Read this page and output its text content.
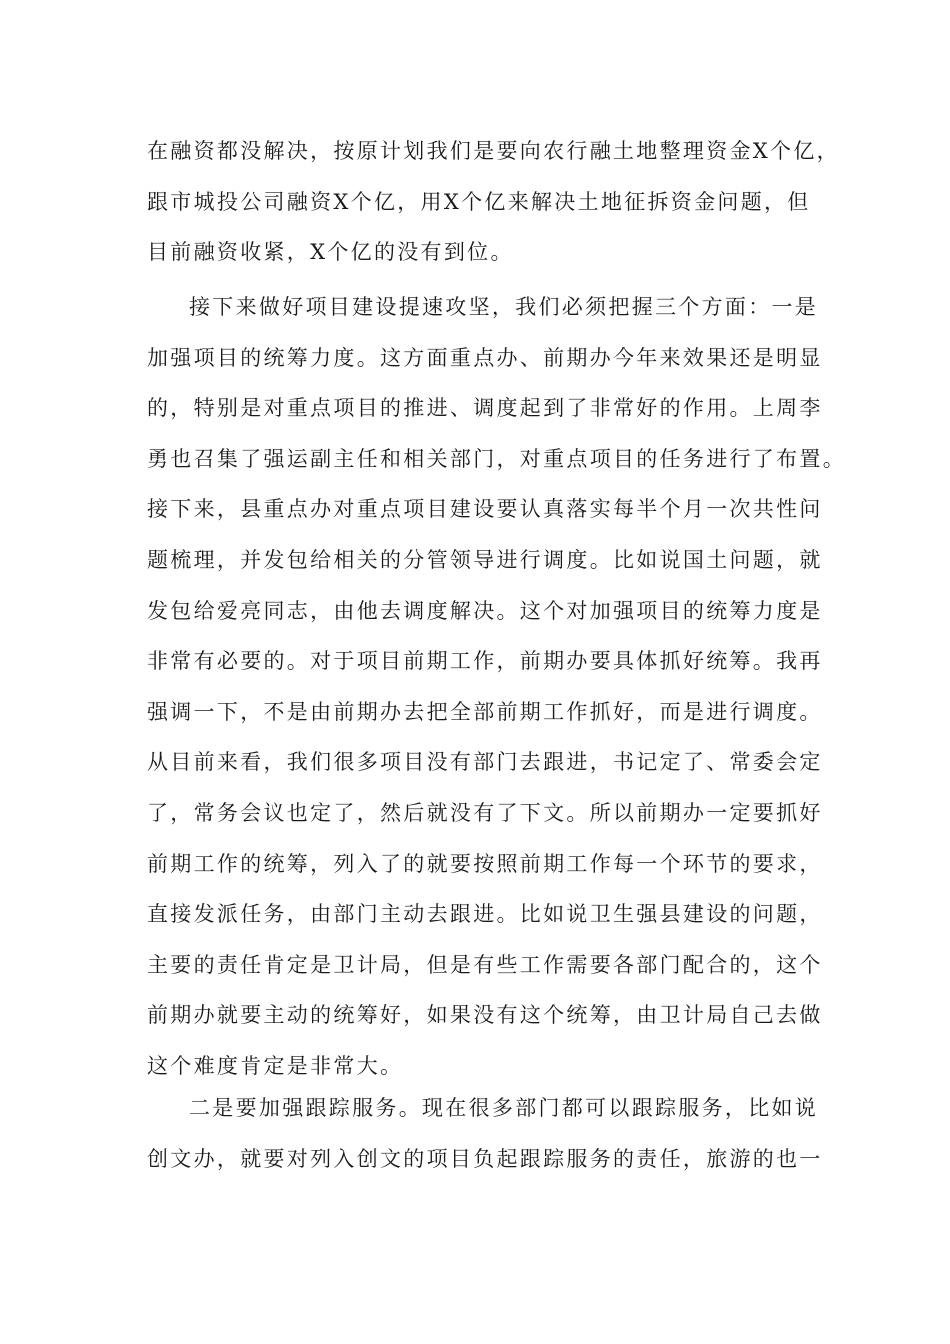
在融资都没解决，按原计划我们是要向农行融土地整理资金X个亿，
跟市城投公司融资X个亿，用X个亿来解决土地征拆资金问题，但
目前融资收紧，X个亿的没有到位。
接下来做好项目建设提速攻坚，我们必须把握三个方面：一是
加强项目的统筹力度。这方面重点办、前期办今年来效果还是明显
的，特别是对重点项目的推进、调度起到了非常好的作用。上周李
勇也召集了强运副主任和相关部门，对重点项目的任务进行了布置。
接下来，县重点办对重点项目建设要认真落实每半个月一次共性问
题梳理，并发包给相关的分管领导进行调度。比如说国土问题，就
发包给爱亮同志，由他去调度解决。这个对加强项目的统筹力度是
非常有必要的。对于项目前期工作，前期办要具体抓好统筹。我再
强调一下，不是由前期办去把全部前期工作抓好，而是进行调度。
从目前来看，我们很多项目没有部门去跟进，书记定了、常委会定
了，常务会议也定了，然后就没有了下文。所以前期办一定要抓好
前期工作的统筹，列入了的就要按照前期工作每一个环节的要求，
直接发派任务，由部门主动去跟进。比如说卫生强县建设的问题，
主要的责任肯定是卫计局，但是有些工作需要各部门配合的，这个
前期办就要主动的统筹好，如果没有这个统筹，由卫计局自己去做
这个难度肯定是非常大。
二是要加强跟踪服务。现在很多部门都可以跟踪服务，比如说
创文办，就要对列入创文的项目负起跟踪服务的责任，旅游的也一
